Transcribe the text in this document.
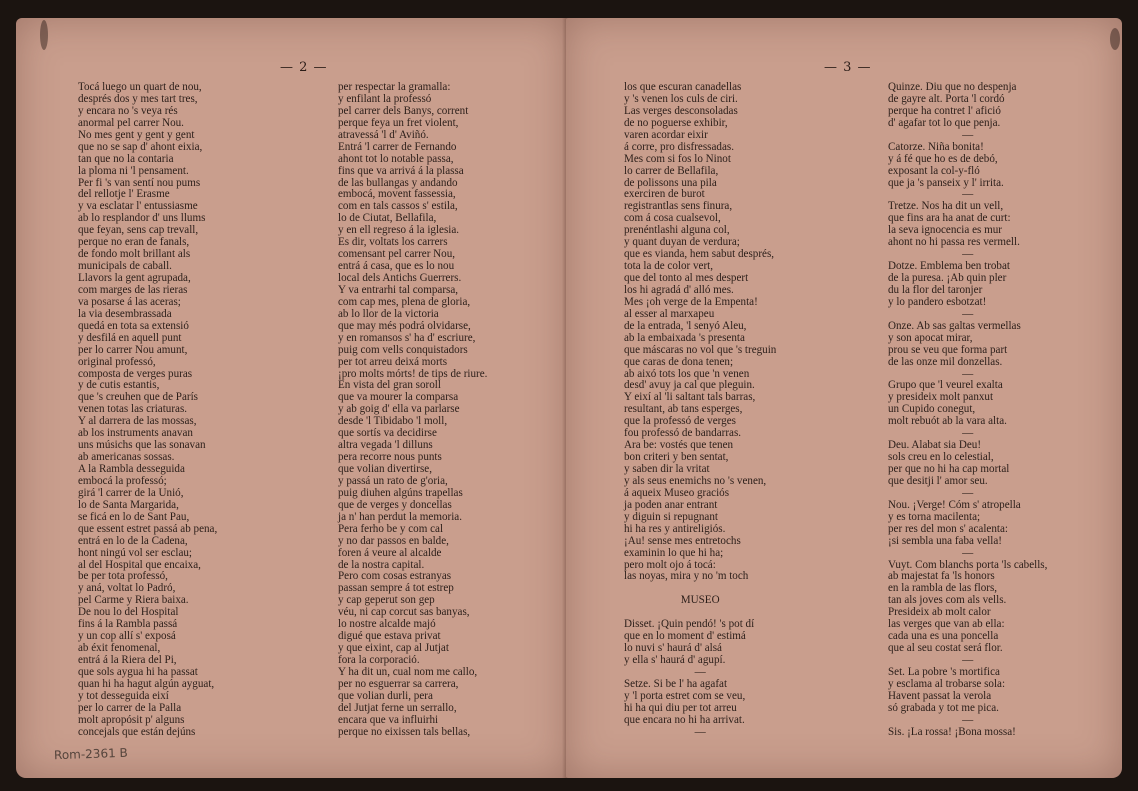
— 2 —
Tocá luego un quart de nou,
després dos y mes tart tres,
y encara no 's veya rés
anormal pel carrer Nou.
No mes gent y gent y gent
que no se sap d' ahont eixia,
tan que no la contaria
la ploma ni 'l pensament.
Per fi 's van sentí nou pums
del rellotje l' Erasme
y va esclatar l' entussiasme
ab lo resplandor d' uns llums
que feyan, sens cap trevall,
perque no eran de fanals,
de fondo molt brillant als
municipals de caball.
Llavors la gent agrupada,
com marges de las rieras
va posarse á las aceras;
la via desembrassada
quedá en tota sa extensió
y desfilá en aquell punt
per lo carrer Nou amunt,
original professó,
composta de verges puras
y de cutis estantis,
que 's creuhen que de París
venen totas las criaturas.
Y al darrera de las mossas,
ab los instruments anavan
uns músichs que las sonavan
ab americanas sossas.
A la Rambla desseguida
embocá la professó;
girá 'l carrer de la Unió,
lo de Santa Margarida,
se ficá en lo de Sant Pau,
que essent estret passá ab pena,
entrá en lo de la Cadena,
hont ningú vol ser esclau;
al del Hospital que encaixa,
be per tota professó,
y aná, voltat lo Padró,
pel Carme y Riera baixa.
De nou lo del Hospital
fins á la Rambla passá
y un cop allí s' exposá
ab éxit fenomenal,
entrá á la Riera del Pi,
que sols aygua hi ha passat
quan hi ha hagut algún ayguat,
y tot desseguida eixí
per lo carrer de la Palla
molt apropósit p' alguns
concejals que están dejúns
per respectar la gramalla:
y enfilant la professó
pel carrer dels Banys, corrent
perque feya un fret violent,
atravessá 'l d' Aviñó.
Entrá 'l carrer de Fernando
ahont tot lo notable passa,
fins que va arrivá á la plassa
de las bullangas y andando
embocá, movent fassessia,
com en tals cassos s' estila,
lo de Ciutat, Bellafila,
y en ell regreso á la iglesia.
Es dir, voltats los carrers
comensant pel carrer Nou,
entrá á casa, que es lo nou
local dels Antichs Guerrers.
Y va entrarhi tal comparsa,
com cap mes, plena de gloria,
ab lo llor de la victoria
que may més podrá olvidarse,
y en romansos s' ha d' escriure,
puig com vells conquistadors
per tot arreu deixá morts
¡pro molts mórts! de tips de riure.
En vista del gran soroll
que va mourer la comparsa
y ab goig d' ella va parlarse
desde 'l Tibidabo 'l moll,
que sortís va decidirse
altra vegada 'l dilluns
pera recorre nous punts
que volian divertirse,
y passá un rato de g'oria,
puig diuhen algúns trapellas
que de verges y doncellas
ja n' han perdut la memoria.
Pera ferho be y com cal
y no dar passos en balde,
foren á veure al alcalde
de la nostra capital.
Pero com cosas estranyas
passan sempre á tot estrep
y cap geperut son gep
véu, ni cap corcut sas banyas,
lo nostre alcalde majó
digué que estava privat
y que eixint, cap al Jutjat
fora la corporació.
Y ha dit un, cual nom me callo,
per no esguerrar sa carrera,
que volian durli, pera
del Jutjat ferne un serrallo,
encara que va influirhi
perque no eixissen tals bellas,
— 3 —
los que escuran canadellas
y 's venen los culs de ciri.
Las verges desconsoladas
de no poguerse exhibir,
varen acordar eixir
á corre, pro disfressadas.
Mes com si fos lo Ninot
lo carrer de Bellafila,
de polissons una pila
exerciren de burot
registrantlas sens finura,
com á cosa cualsevol,
prenéntlashi alguna col,
y quant duyan de verdura;
que es vianda, hem sabut després,
tota la de color vert,
que del tonto al mes despert
los hi agradá d' alló mes.
Mes ¡oh verge de la Empenta!
al esser al marxapeu
de la entrada, 'l senyó Aleu,
ab la embaixada 's presenta
que máscaras no vol que 's treguin
que caras de dona tenen;
ab aixó tots los que 'n venen
desd' avuy ja cal que pleguin.
Y eixí al 'li saltant tals barras,
resultant, ab tans esperges,
que la professó de verges
fou professó de bandarras.
Ara be: vostés que tenen
bon criteri y ben sentat,
y saben dir la vritat
y als seus enemichs no 's venen,
á aqueix Museo graciós
ja poden anar entrant
y diguin si repugnant
hi ha res y antireligiós.
¡Au! sense mes entretochs
examinin lo que hi ha;
pero molt ojo á tocá:
las noyas, mira y no 'm toch
MUSEO
Disset. ¡Quin pendó! 's pot dí
que en lo moment d' estimá
lo nuvi s' haurá d' alsá
y ella s' haurá d' agupí.
—
Setze. Si be l' ha agafat
y 'l porta estret com se veu,
hi ha qui diu per tot arreu
que encara no hi ha arrivat.
—
Quinze. Diu que no despenja
de gayre alt. Porta 'l cordó
perque ha contret l' afició
d' agafar tot lo que penja.
—
Catorze. Niña bonita!
y á fé que ho es de debó,
exposant la col-y-fló
que ja 's panseix y l' irrita.
—
Tretze. Nos ha dit un vell,
que fins ara ha anat de curt:
la seva ignocencia es mur
ahont no hi passa res vermell.
—
Dotze. Emblema ben trobat
de la puresa. ¡Ab quin pler
du la flor del taronjer
y lo pandero esbotzat!
—
Onze. Ab sas galtas vermellas
y son apocat mirar,
prou se veu que forma part
de las onze mil donzellas.
—
Grupo que 'l veurel exalta
y presideix molt panxut
un Cupido conegut,
molt rebuót ab la vara alta.
—
Deu. Alabat sia Deu!
sols creu en lo celestial,
per que no hi ha cap mortal
que desitji l' amor seu.
—
Nou. ¡Verge! Cóm s' atropella
y es torna macilenta;
per res del mon s' acalenta:
¡si sembla una faba vella!
—
Vuyt. Com blanchs porta 'ls cabells,
ab majestat fa 'ls honors
en la rambla de las flors,
tan als joves com als vells.
Presideix ab molt calor
las verges que van ab ella:
cada una es una poncella
que al seu costat será flor.
—
Set. La pobre 's mortifica
y esclama al trobarse sola:
Havent passat la verola
só grabada y tot me pica.
—
Sis. ¡La rossa! ¡Bona mossa!
Rom-2361 B
